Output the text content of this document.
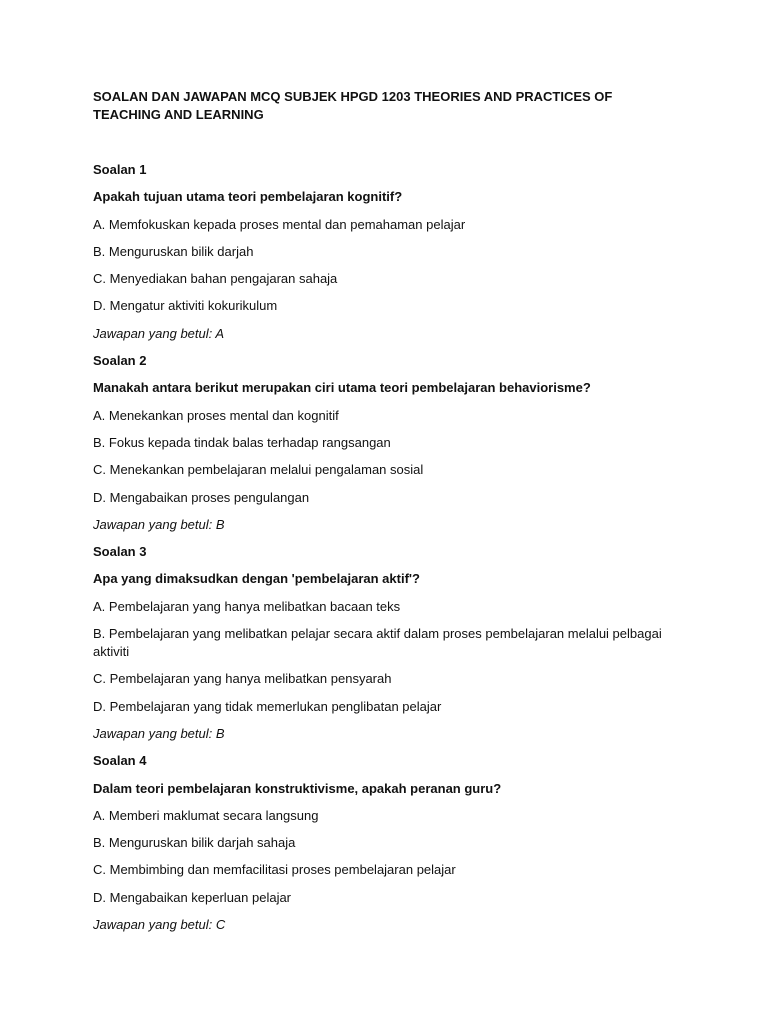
SOALAN DAN JAWAPAN MCQ SUBJEK HPGD 1203 THEORIES AND PRACTICES OF TEACHING AND LEARNING

Soalan 1

Apakah tujuan utama teori pembelajaran kognitif?

A. Memfokuskan kepada proses mental dan pemahaman pelajar

B. Menguruskan bilik darjah

C. Menyediakan bahan pengajaran sahaja

D. Mengatur aktiviti kokurikulum

Jawapan yang betul: A

Soalan 2

Manakah antara berikut merupakan ciri utama teori pembelajaran behaviorisme?

A. Menekankan proses mental dan kognitif

B. Fokus kepada tindak balas terhadap rangsangan

C. Menekankan pembelajaran melalui pengalaman sosial

D. Mengabaikan proses pengulangan

Jawapan yang betul: B

Soalan 3

Apa yang dimaksudkan dengan 'pembelajaran aktif'?

A. Pembelajaran yang hanya melibatkan bacaan teks

B. Pembelajaran yang melibatkan pelajar secara aktif dalam proses pembelajaran melalui pelbagai aktiviti

C. Pembelajaran yang hanya melibatkan pensyarah

D. Pembelajaran yang tidak memerlukan penglibatan pelajar

Jawapan yang betul: B

Soalan 4

Dalam teori pembelajaran konstruktivisme, apakah peranan guru?

A. Memberi maklumat secara langsung

B. Menguruskan bilik darjah sahaja

C. Membimbing dan memfacilitasi proses pembelajaran pelajar

D. Mengabaikan keperluan pelajar

Jawapan yang betul: C
